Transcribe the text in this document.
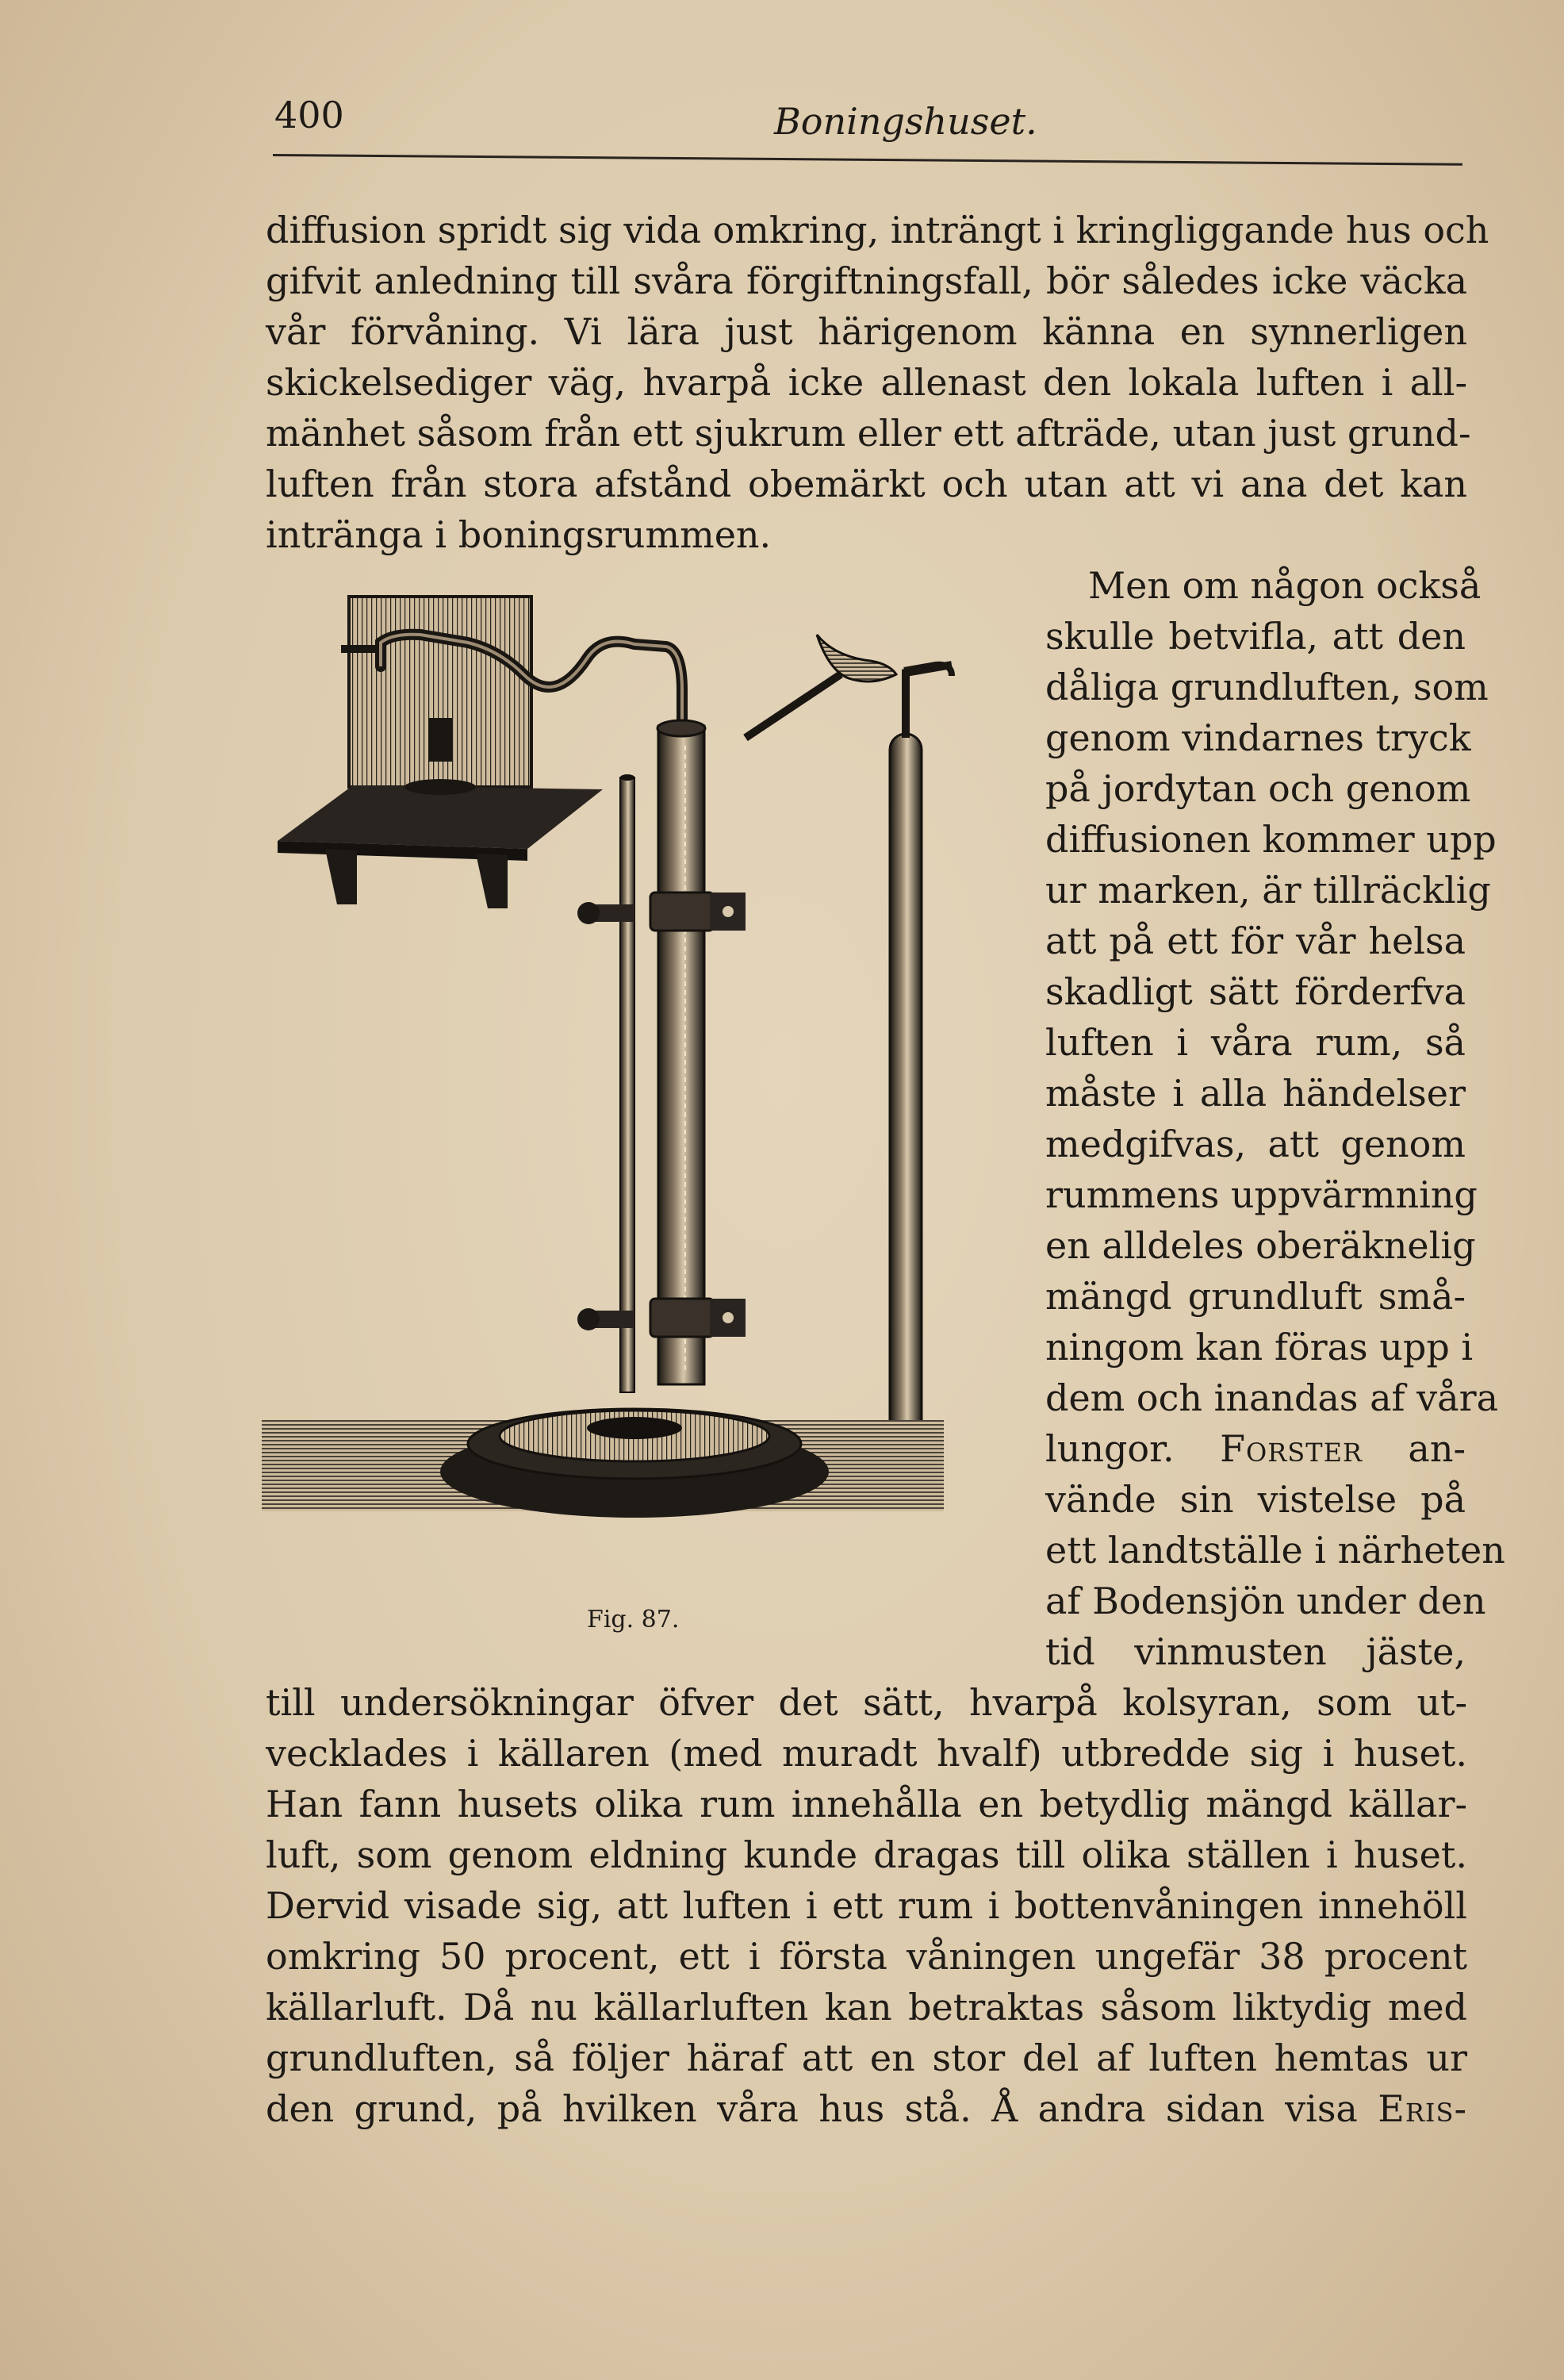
400	Boningshuset.
diffusion spridt sig vida omkring, inträngt i kringliggande hus och
gifvit anledning till svåra förgiftningsfall, bör således icke väcka
vår förvåning. Vi lära just härigenom känna en synnerligen
skickelsediger väg, hvarpå icke allenast den lokala luften i all-
mänhet såsom från ett sjukrum eller ett afträde, utan just grund-
luften från stora afstånd obemärkt och utan att vi ana det kan
inträngа i boningsrummen.
Men om någon också
skulle betvifla, att den
dåliga grundluften, som
genom vindarnes tryck
på jordytan och genom
diffusionen kommer upp
ur marken, är tillräcklig
att på ett för vår helsa
skadligt sätt förderfva
luften i våra rum, så
måste i alla händelser
medgifvas, att genom
rummens uppvärmning
en alldeles oberäknelig
mängd grundluft små-
ningom kan föras upp i
dem och inandas af våra
lungor. Forster an-
vände sin vistelse på
ett landtställe i närheten
af Bodensjön under den
tid vinmusten jäste,
till undersökningar öfver det sätt, hvarpå kolsyran, som ut-
vecklades i källaren (med muradt hvalf) utbredde sig i huset.
Han fann husets olika rum innehålla en betydlig mängd källar-
luft, som genom eldning kunde dragas till olika ställen i huset.
Dervid visade sig, att luften i ett rum i bottenvåningen innehöll
omkring 50 procent, ett i första våningen ungefär 38 procent
källarluft. Då nu källarluften kan betraktas såsom liktydig med
grundluften, så följer häraf att en stor del af luften hemtas ur
den grund, på hvilken våra hus stå. Å andra sidan visa Eris-
Fig. 87.
